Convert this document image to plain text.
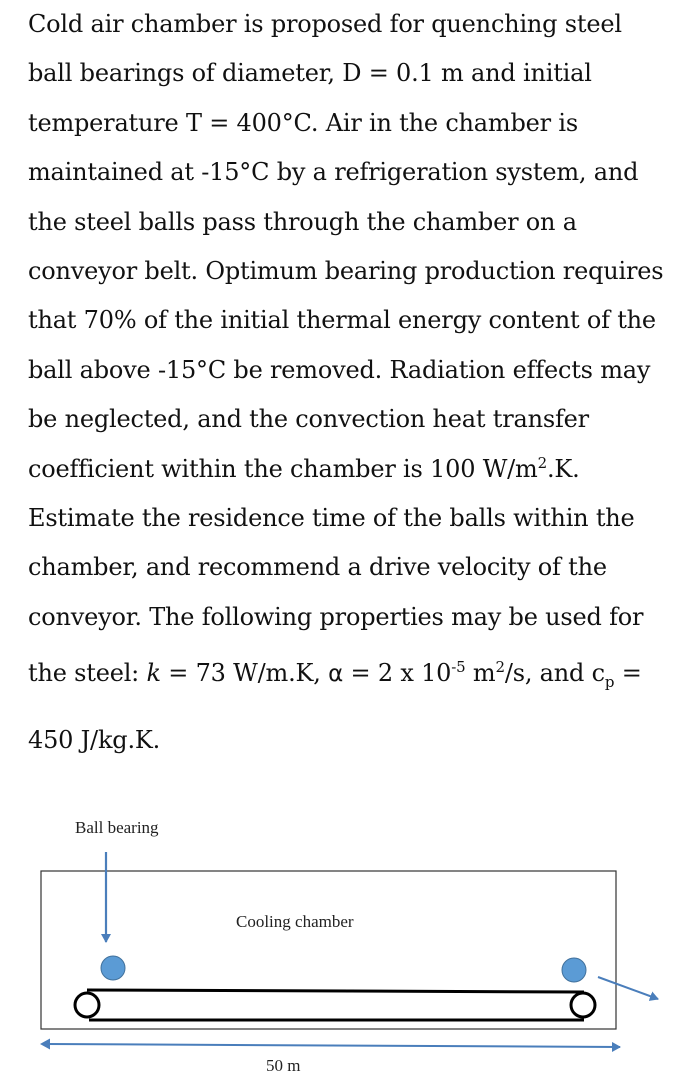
Cold air chamber is proposed for quenching steel
ball bearings of diameter, D = 0.1 m and initial
temperature T = 400°C. Air in the chamber is
maintained at -15°C by a refrigeration system, and
the steel balls pass through the chamber on a
conveyor belt. Optimum bearing production requires
that 70% of the initial thermal energy content of the
ball above -15°C be removed. Radiation effects may
be neglected, and the convection heat transfer
coefficient within the chamber is 100 $W/m^2.K$.
Estimate the residence time of the balls within the
chamber, and recommend a drive velocity of the
conveyor. The following properties may be used for
the steel: k = 73 W/m.K, α = 2 x $10^{-5}$ $m^2/s$, and $c_p$ =
450 J/kg.K.
Ball bearing
Cooling chamber
50 m
